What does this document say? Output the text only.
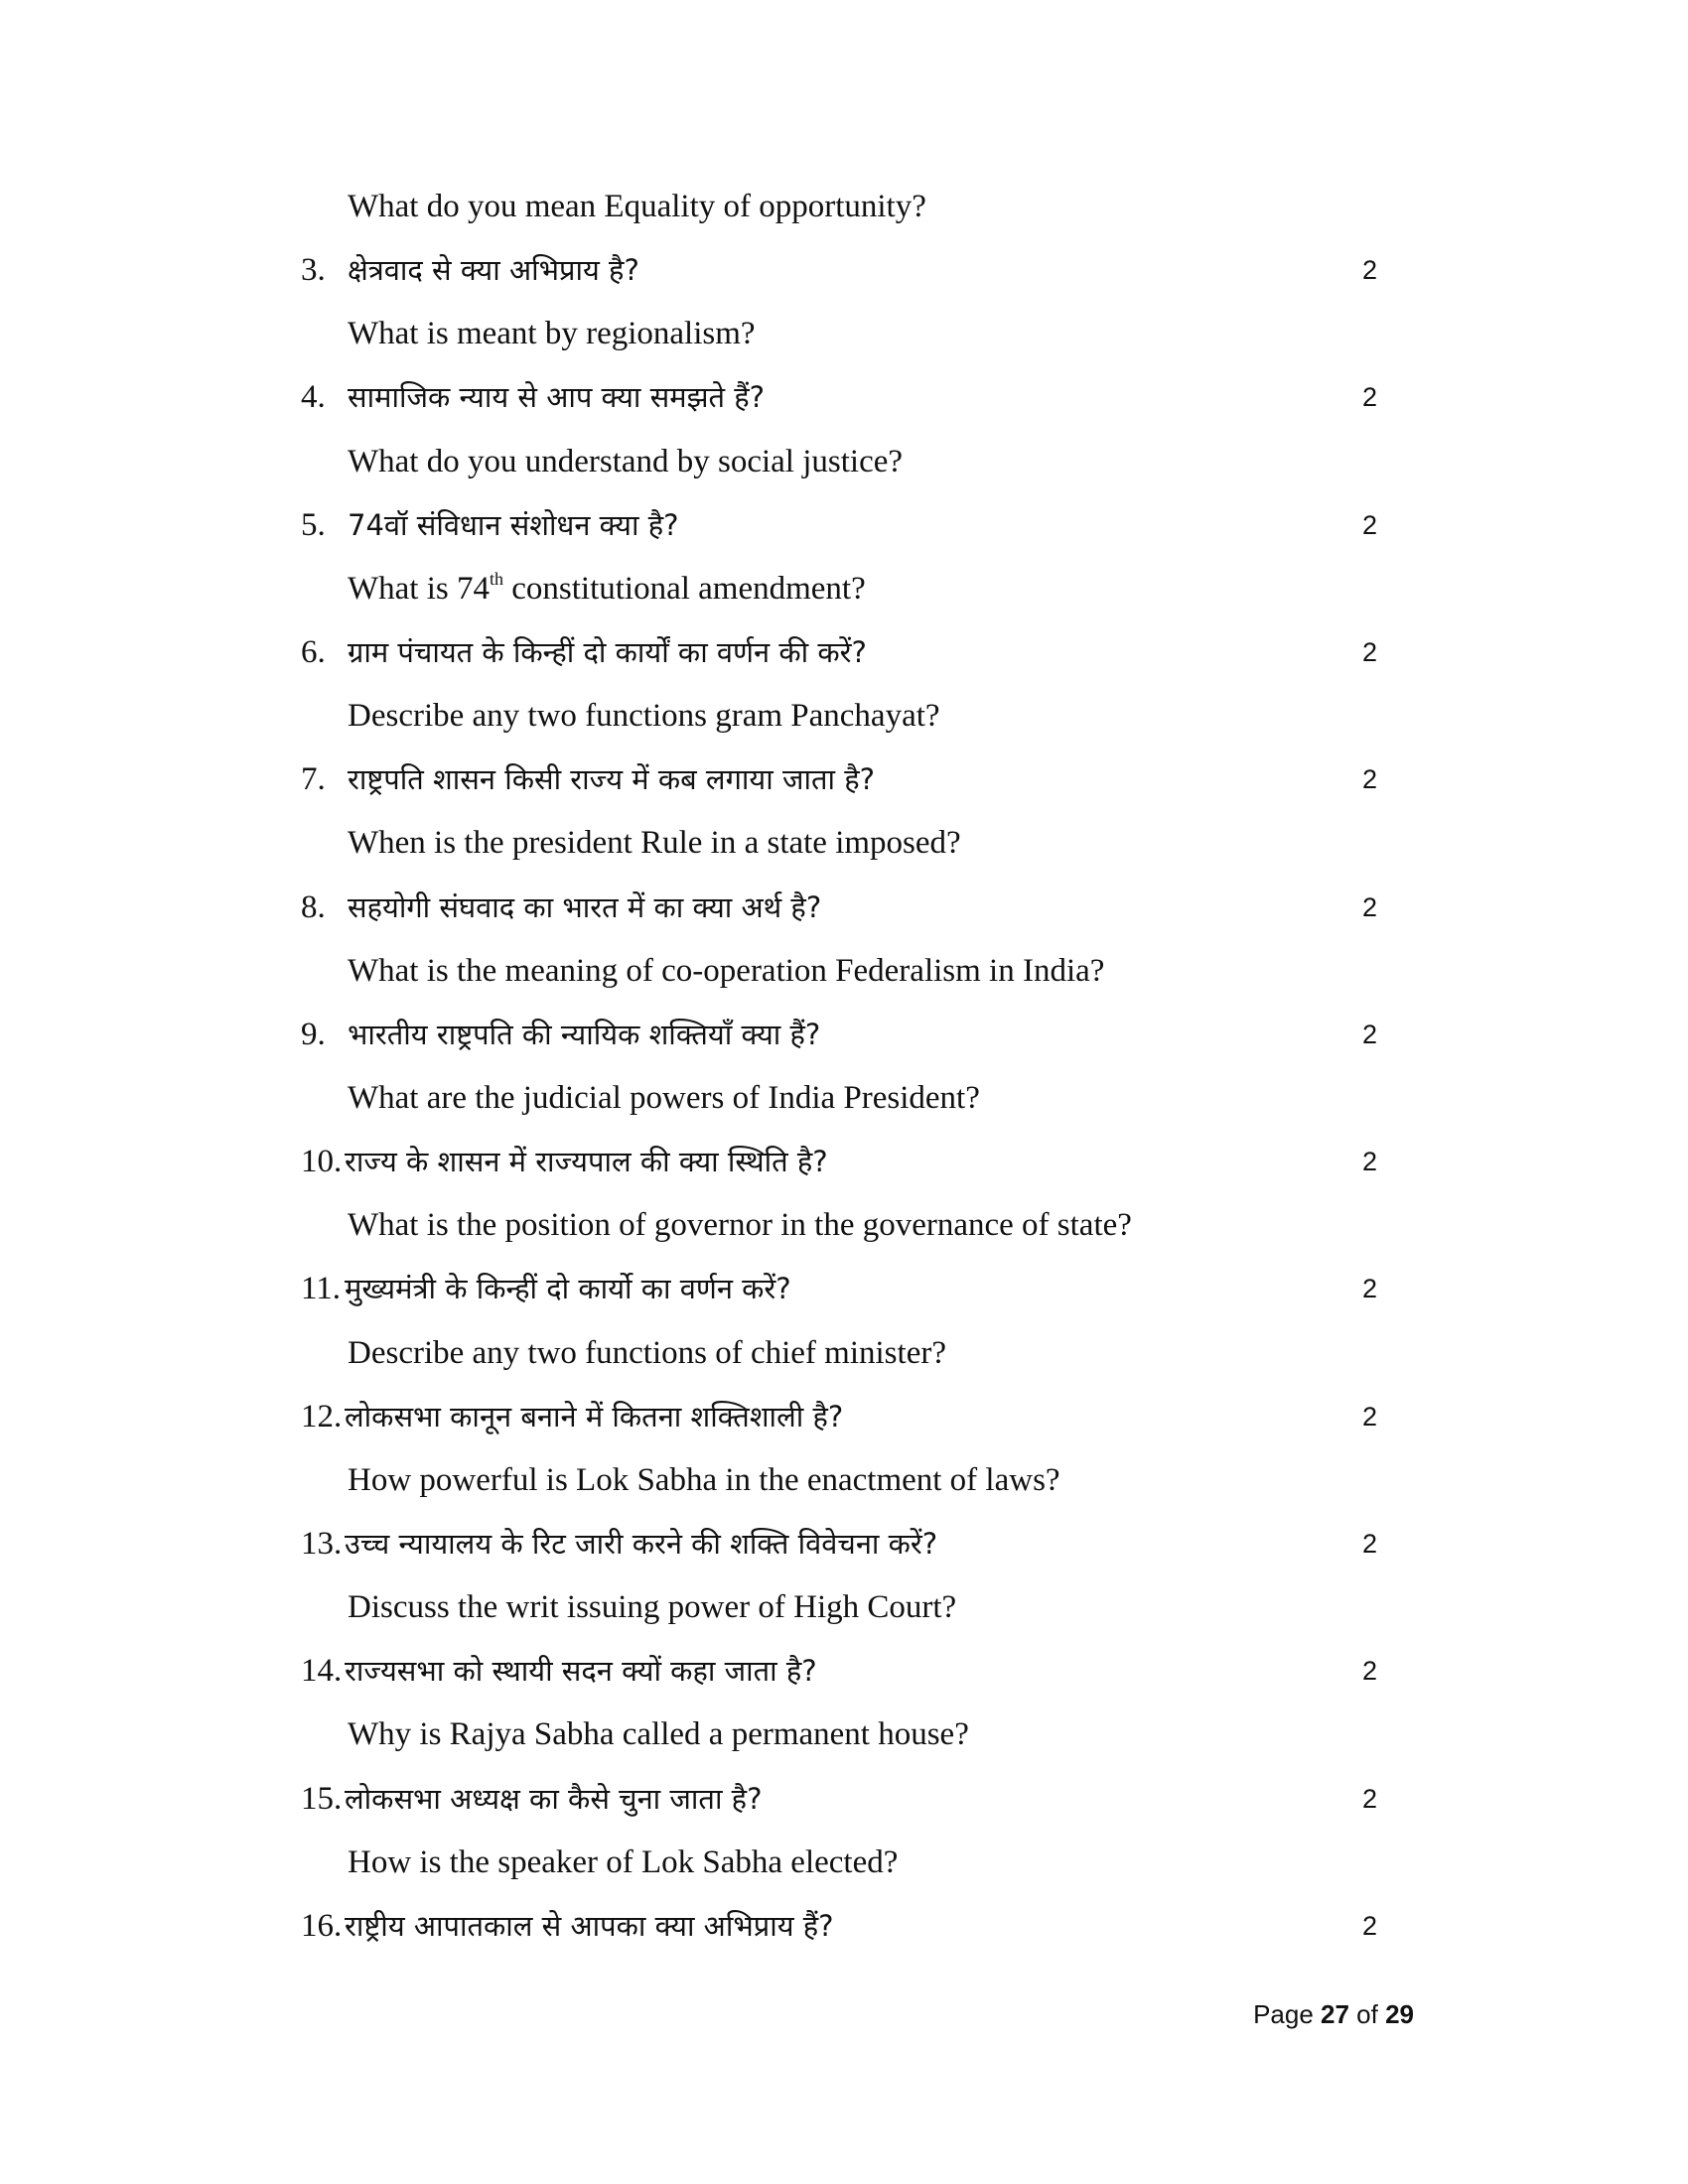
What do you mean Equality of opportunity?
3. क्षेत्रवाद से क्या अभिप्राय है?	2
What is meant by regionalism?
4. सामाजिक न्याय से आप क्या समझते हैं?	2
What do you understand by social justice?
5. 74वॉ संविधान संशोधन क्या है?	2
What is 74th constitutional amendment?
6. ग्राम पंचायत के किन्हीं दो कार्यों का वर्णन की करें?	2
Describe any two functions gram Panchayat?
7. राष्ट्रपति शासन किसी राज्य में कब लगाया जाता है?	2
When is the president Rule in a state imposed?
8. सहयोगी संघवाद का भारत में का क्या अर्थ है?	2
What is the meaning of co-operation Federalism in India?
9. भारतीय राष्ट्रपति की न्यायिक शक्तियाँ क्या हैं?	2
What are the judicial powers of India President?
10. राज्य के शासन में राज्यपाल की क्या स्थिति है?	2
What is the position of governor in the governance of state?
11. मुख्यमंत्री के किन्हीं दो कार्यो का वर्णन करें?	2
Describe any two functions of chief minister?
12. लोकसभा कानून बनाने में कितना शक्तिशाली है?	2
How powerful is Lok Sabha in the enactment of laws?
13. उच्च न्यायालय के रिट जारी करने की शक्ति विवेचना करें?	2
Discuss the writ issuing power of High Court?
14. राज्यसभा को स्थायी सदन क्यों कहा जाता है?	2
Why is Rajya Sabha called a permanent house?
15. लोकसभा अध्यक्ष का कैसे चुना जाता है?	2
How is the speaker of Lok Sabha elected?
16. राष्ट्रीय आपातकाल से आपका क्या अभिप्राय हैं?	2
Page 27 of 29
